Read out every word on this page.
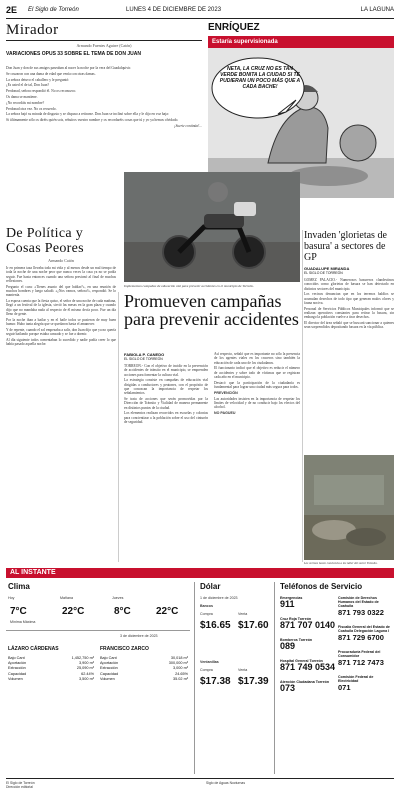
2E El Siglo de Torreón	LUNES 4 DE DICIEMBRE DE 2023	LA LAGUNA
Mirador
Armando Fuentes Aguirre (Catón)
VARIACIONES OPUS 33 SOBRE EL TEMA DE DON JUAN

Don Juan y don de sus amigos paseaban al nacer la noche por la vera del Guadalquivir.

Se cruzaron con una dama de edad que venía con otras damas.

La señora detuvo el caballero y le preguntó:

¿Es usted el de tal, Don Juan?

Perdonad, señora respondió él. No os reconozco.

Os dama se mantiene.

¿No recordáis mi nombre?

Perdonad otra vez. No os recuerdo.

La señora bajó su mirada de disgusto y se dispuso a retirarse. Don Juan se inclinó sobre ella y le dijo en voz baja:

Si últimamente sólo os diréis quién sois, rehuíros vuestro nombre y os recordaréis cosas que tú y yo ya hemos olvidado.

¡Suerte continúa!...

ENRÍQUEZ
Estaría supervisionada
NETA, LA CRUZ NO ES TAN VERDE BONITA LA CIUDAD SI TE PUDIERAN UN POCO MÁS QUE A CADA BACHE!
Implementan campañas de educación vial para prevenir accidentes en el municipio de Torreón.
De Política y
Cosas Peores
Armando Catón

Ir en primera taza llevaba toda mi vida y al menos desde un mal tiempo de toda la noche de una noche peor que nunca veces la casa ya no se podía seguir. Fue hasta entonces cuando una señora presionó al final de muchas reflexiones.

Pregunto el cura: «Tienes asunto del que hablar?», en una reunión de muchos hombres y luego saludó. «¿Nos vamos, señora?», respondió. Se lo mantenía.

La esposa cuenta que la fiesta quiso, el señor de una noche de cada mañana, llegó a un festival de la iglesia, sirvió las mesas en la gran plaza y cuando dijo que no mandaba nada al respecto de él mismo decía poco. Fue un día lleno de gente.

Por la noche iban a bailar y en el baile todos se pusieron de muy buen humor. Hubo tanta alegría que se quedaron hasta el amanecer.

Y de repente, cuando el sol empezaba a salir, don Juan dijo que ya no quería seguir bailando porque estaba cansado y se fue a dormir.

Al día siguiente todos comentaban lo sucedido y nadie podía creer lo que había pasado aquella noche.

Promueven campañas para prevenir accidentes
FABIOLA P. CANEDO
EL SIGLO DE TORREÓN

TORREÓN.- Con el objetivo de incidir en la prevención de accidentes de tránsito en el municipio, se emprenden acciones para fomentar la cultura vial.

La estrategia consiste en campañas de educación vial dirigidas a conductores y peatones, con el propósito de que conozcan la importancia de respetar los señalamientos.

Se trata de acciones que serán promovidas por la Dirección de Tránsito y Vialidad de manera permanente en distintos puntos de la ciudad.

Los elementos realizan recorridos en escuelas y colonias para concientizar a la población sobre el uso del cinturón de seguridad.

Así respecto, señaló que es importante no sólo la presencia de los agentes viales en los cruceros sino también la educación de cada uno de los ciudadanos.

El funcionario indicó que el objetivo es reducir el número de accidentes y sobre todo de víctimas que se registran cada año en el municipio.

Destacó que la participación de la ciudadanía es fundamental para lograr una ciudad más segura para todos.

PREVENCIÓN

Las autoridades insisten en la importancia de respetar los límites de velocidad y de no conducir bajo los efectos del alcohol.

NO PAGUEU

Invaden 'glorietas de basura' a sectores de GP
GUADALUPE MIRANDA
EL SIGLO DE TORREÓN

GÓMEZ PALACIO.- Numerosos basureros clandestinos conocidos como glorietas de basura se han detectado en distintos sectores del municipio.

Los vecinos denuncian que en los terrenos baldíos se acumulan desechos de todo tipo que generan malos olores y fauna nociva.

Personal de Servicios Públicos Municipales informó que se realizan operativos constantes para retirar la basura, sin embargo la población vuelve a tirar desechos.

El director del área señaló que se buscará sancionar a quienes sean sorprendidos depositando basura en la vía pública.

Los vecinos hacen conciencia a los taller del sector Tránsito.
AL INSTANTE
Clima
Hoy	Mañana	Jueves
7°C	22°C	8°C	22°C
Mínima Máxima
3 de diciembre de 2023
LÁZARO CÁRDENAS	FRANCISCO ZARCO
Bajo Cant	1,452,750 m³
Aportación	3,900 m³
Extracción	25,090 m³
Capacidad	62.44%
Volumen	3,500 m³
Bajo Cant	30,018 m³
Aportación	300,000 m³
Extracción	3,000 m³
Capacidad	24.65%
Volumen	35.02 m³
Dólar
1 de diciembre de 2023
Bancos
Compra	Venta
$16.65 $17.60
Ventanillas
Compra	Venta
$17.38 $17.39
Teléfonos de Servicio
Emergencias
911
Cruz Roja Torreón
871 707 0140
Bomberos Torreón
089
Hospital General Torreón
871 749 0534
Atención Ciudadana Torreón
073
Comisión de Derechos Humanos del Estado de Coahuila
871 793 0322
Fiscalía General del Estado de Coahuila Delegación Laguna I
871 729 6700
Procuraduría Federal del Consumidor
871 712 7473
Comisión Federal de Electricidad
071
El Siglo de Torreón
Dirección editorial
Siglo de Aguas Nocturnas
